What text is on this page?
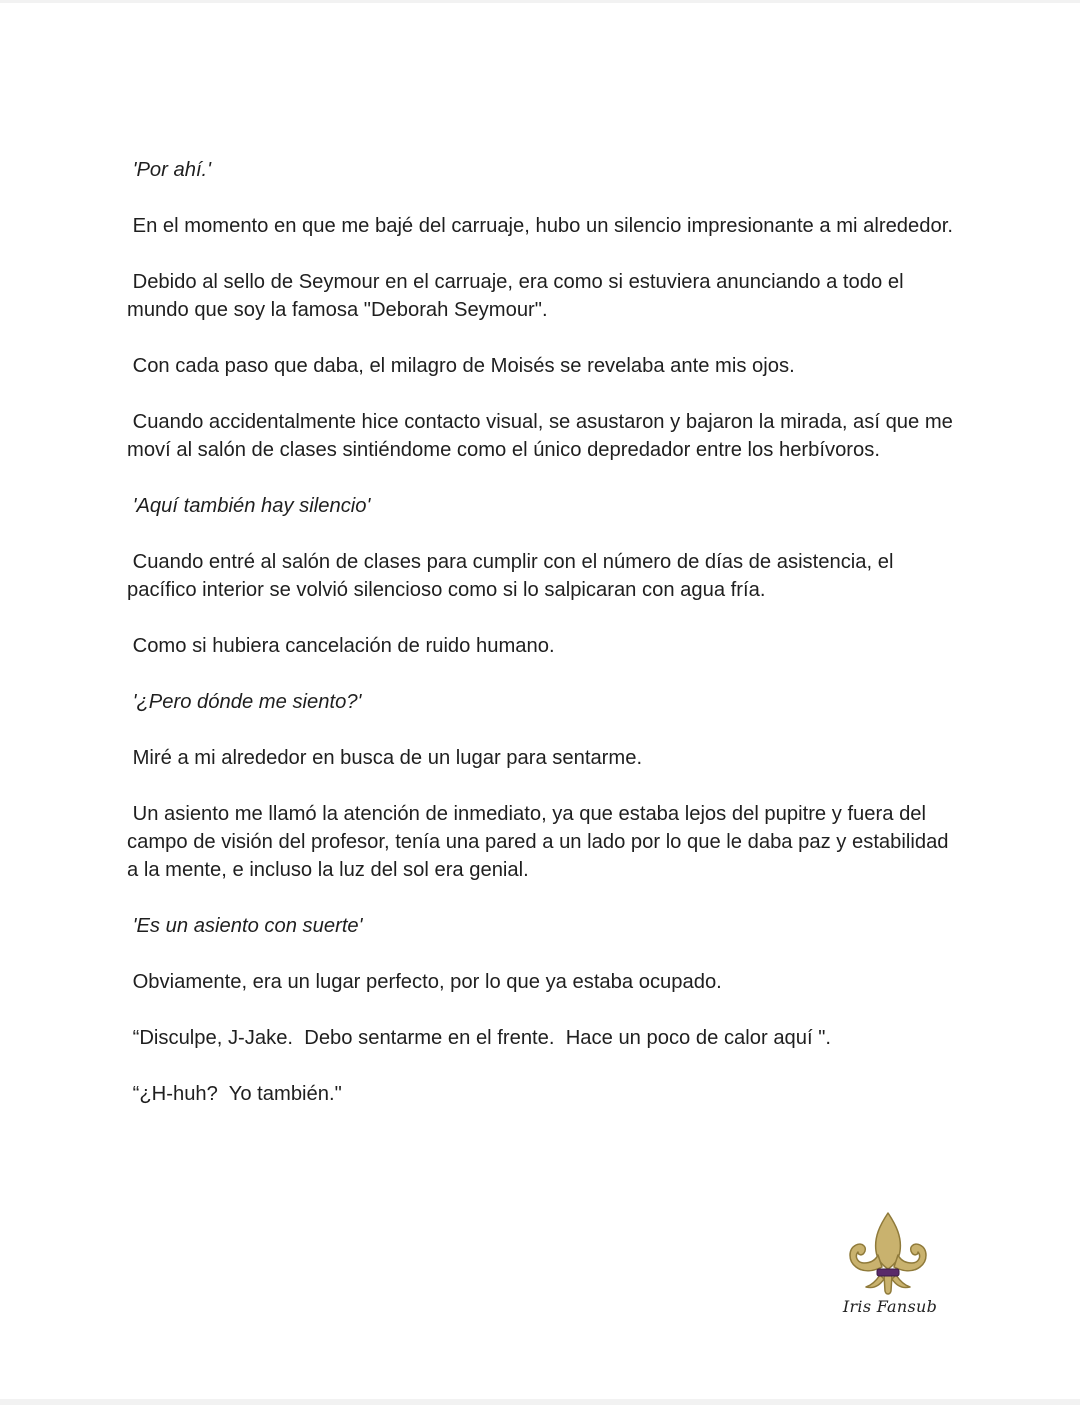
'Por ahí.'

En el momento en que me bajé del carruaje, hubo un silencio impresionante a mi alrededor.

Debido al sello de Seymour en el carruaje, era como si estuviera anunciando a todo el mundo que soy la famosa "Deborah Seymour".

Con cada paso que daba, el milagro de Moisés se revelaba ante mis ojos.

Cuando accidentalmente hice contacto visual, se asustaron y bajaron la mirada, así que me moví al salón de clases sintiéndome como el único depredador entre los herbívoros.

'Aquí también hay silencio'

Cuando entré al salón de clases para cumplir con el número de días de asistencia, el pacífico interior se volvió silencioso como si lo salpicaran con agua fría.

Como si hubiera cancelación de ruido humano.

'¿Pero dónde me siento?'

Miré a mi alrededor en busca de un lugar para sentarme.

Un asiento me llamó la atención de inmediato, ya que estaba lejos del pupitre y fuera del campo de visión del profesor, tenía una pared a un lado por lo que le daba paz y estabilidad a la mente, e incluso la luz del sol era genial.

'Es un asiento con suerte'

Obviamente, era un lugar perfecto, por lo que ya estaba ocupado.

“Disculpe, J-Jake.  Debo sentarme en el frente.  Hace un poco de calor aquí ".

“¿H-huh?  Yo también."

Iris Fansub
